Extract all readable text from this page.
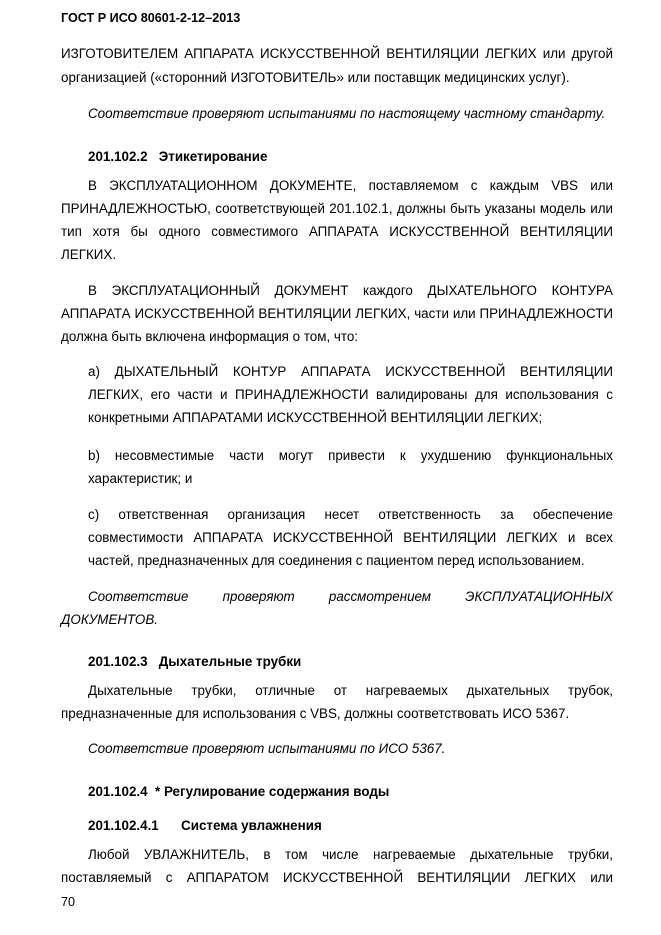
ГОСТ Р ИСО 80601-2-12–2013
ИЗГОТОВИТЕЛЕМ АППАРАТА ИСКУССТВЕННОЙ ВЕНТИЛЯЦИИ ЛЕГКИХ или другой
организацией («сторонний ИЗГОТОВИТЕЛЬ» или поставщик медицинских услуг).
Соответствие проверяют испытаниями по настоящему частному стандарту.
201.102.2   Этикетирование
В ЭКСПЛУАТАЦИОННОМ ДОКУМЕНТЕ, поставляемом с каждым VBS или
ПРИНАДЛЕЖНОСТЬЮ, соответствующей 201.102.1, должны быть указаны модель или
тип хотя бы одного совместимого АППАРАТА ИСКУССТВЕННОЙ ВЕНТИЛЯЦИИ
ЛЕГКИХ.
В ЭКСПЛУАТАЦИОННЫЙ ДОКУМЕНТ каждого ДЫХАТЕЛЬНОГО КОНТУРА
АППАРАТА ИСКУССТВЕННОЙ ВЕНТИЛЯЦИИ ЛЕГКИХ, части или ПРИНАДЛЕЖНОСТИ
должна быть включена информация о том, что:
a) ДЫХАТЕЛЬНЫЙ КОНТУР АППАРАТА ИСКУССТВЕННОЙ ВЕНТИЛЯЦИИ
ЛЕГКИХ, его части и ПРИНАДЛЕЖНОСТИ валидированы для использования с
конкретными АППАРАТАМИ ИСКУССТВЕННОЙ ВЕНТИЛЯЦИИ ЛЕГКИХ;
b) несовместимые части могут привести к ухудшению функциональных
характеристик; и
c) ответственная организация несет ответственность за обеспечение
совместимости АППАРАТА ИСКУССТВЕННОЙ ВЕНТИЛЯЦИИ ЛЕГКИХ и всех
частей, предназначенных для соединения с пациентом перед использованием.
Соответствие проверяют рассмотрением ЭКСПЛУАТАЦИОННЫХ
ДОКУМЕНТОВ.
201.102.3   Дыхательные трубки
Дыхательные трубки, отличные от нагреваемых дыхательных трубок,
предназначенные для использования с VBS, должны соответствовать ИСО 5367.
Соответствие проверяют испытаниями по ИСО 5367.
201.102.4  * Регулирование содержания воды
201.102.4.1      Система увлажнения
Любой УВЛАЖНИТЕЛЬ, в том числе нагреваемые дыхательные трубки,
поставляемый с АППАРАТОМ ИСКУССТВЕННОЙ ВЕНТИЛЯЦИИ ЛЕГКИХ или
70
